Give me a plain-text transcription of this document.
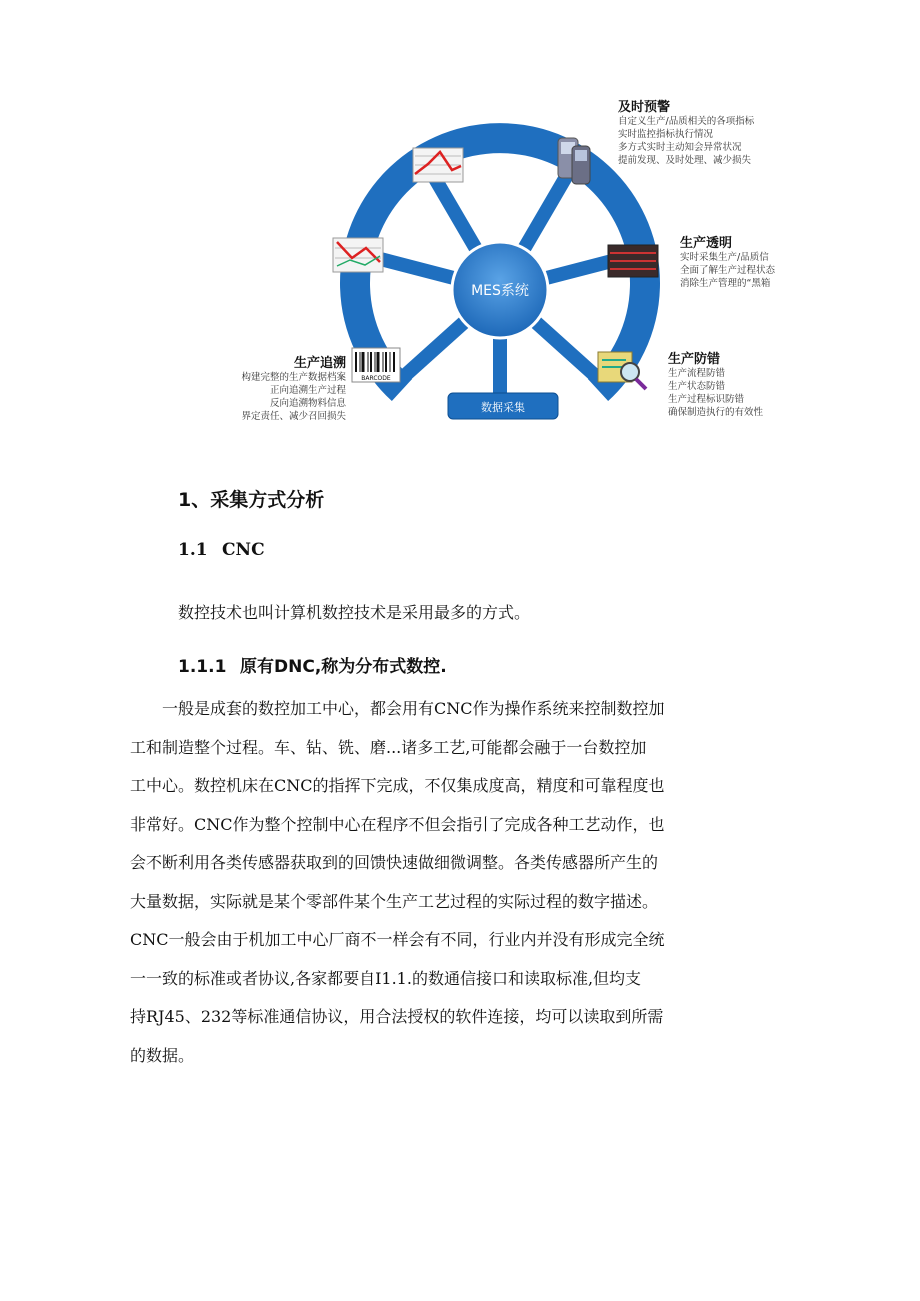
BARCODE
MES系统
数据采集
及时预警
自定义生产/品质相关的各项指标
实时监控指标执行情况
多方式实时主动知会异常状况
提前发现、及时处理、减少损失
生产透明
实时采集生产/品质信
全面了解生产过程状态
消除生产管理的“黑箱
生产防错
生产流程防错
生产状态防错
生产过程标识防错
确保制造执行的有效性
生产追溯
构建完整的生产数据档案
正向追溯生产过程
反向追溯物料信息
界定责任、减少召回损失
1、采集方式分析
1.1 CNC
数控技术也叫计算机数控技术是采用最多的方式。
1.1.1 原有DNC,称为分布式数控.
　　一般是成套的数控加工中心，都会用有CNC作为操作系统来控制数控加
工和制造整个过程。车、钻、铣、磨...诸多工艺,可能都会融于一台数控加
工中心。数控机床在CNC的指挥下完成，不仅集成度高，精度和可靠程度也
非常好。CNC作为整个控制中心在程序不但会指引了完成各种工艺动作，也
会不断利用各类传感器获取到的回馈快速做细微调整。各类传感器所产生的
大量数据，实际就是某个零部件某个生产工艺过程的实际过程的数字描述。
CNC一般会由于机加工中心厂商不一样会有不同，行业内并没有形成完全统
一一致的标准或者协议,各家都要自I1.1.的数通信接口和读取标准,但均支
持RJ45、232等标准通信协议，用合法授权的软件连接，均可以读取到所需
的数据。
